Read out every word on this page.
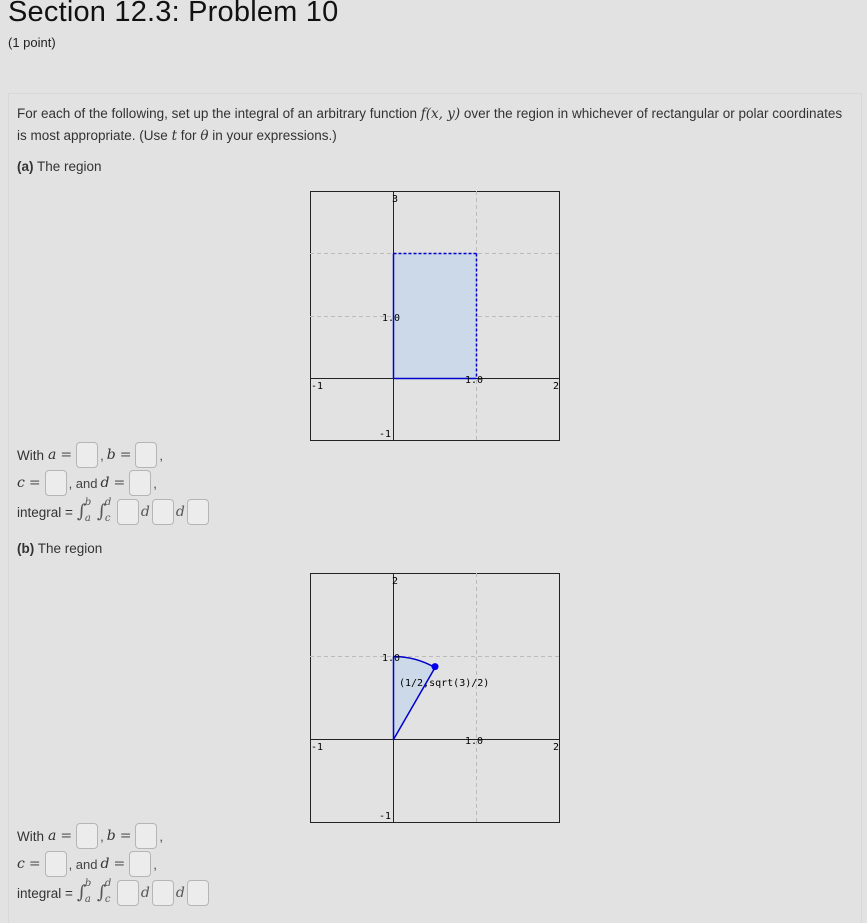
Section 12.3: Problem 10
(1 point)
For each of the following, set up the integral of an arbitrary function f(x, y) over the region in whichever of rectangular or polar coordinates is most appropriate. (Use t for θ in your expressions.)
(a) The region
3
1.0
1.0
2
-1
-1
With a = , b = ,
c = , and d = ,
integral = ∫
b
a ∫
d
c d d
(b) The region
2
1.0
(1/2,sqrt(3)/2)
1.0
2
-1
-1
With a = , b = ,
c = , and d = ,
integral = ∫
b
a ∫
d
c d d
